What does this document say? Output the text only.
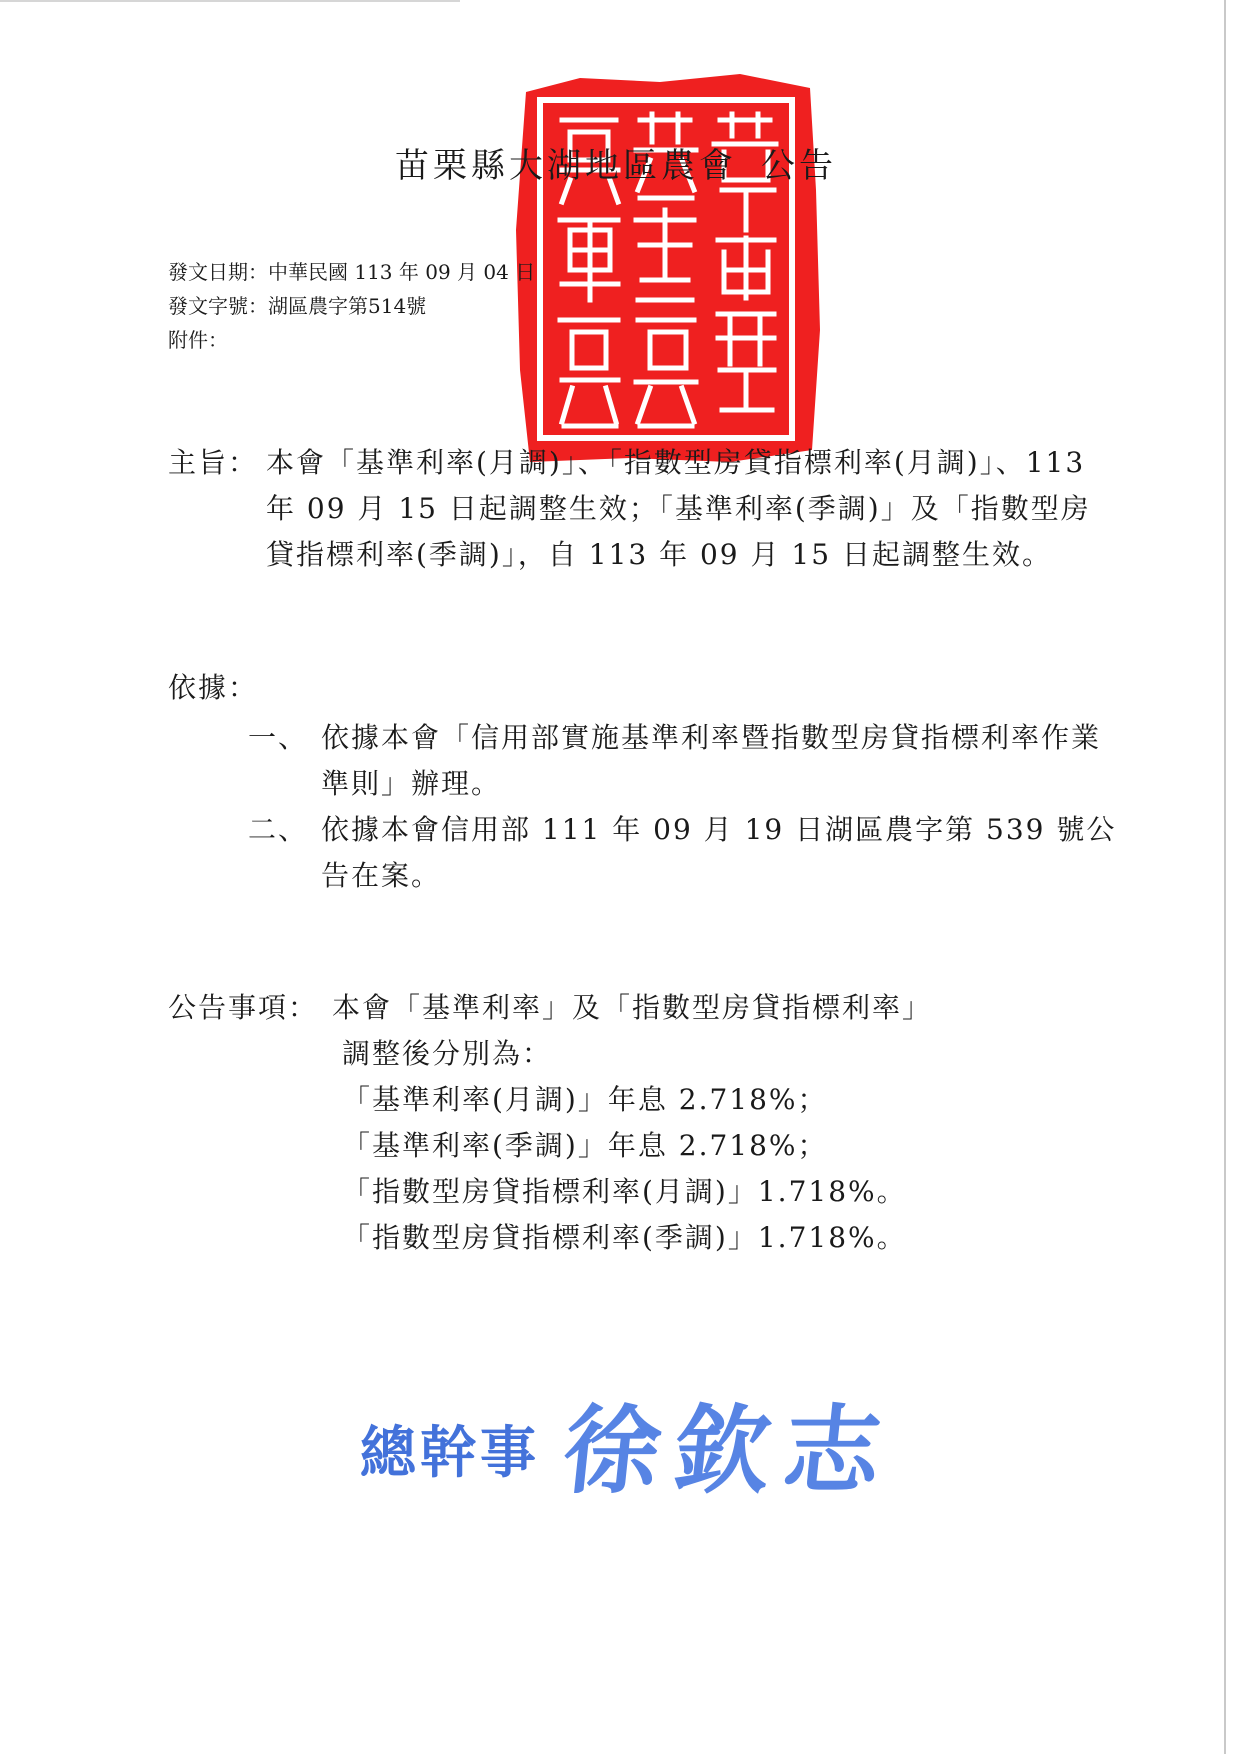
苗栗縣大湖地區農會 公告
發文日期：中華民國 113 年 09 月 04 日
發文字號：湖區農字第514號
附件：
主旨： 本會「基準利率(月調)」、「指數型房貸指標利率(月調)」、113 年 09 月 15 日起調整生效；「基準利率(季調)」及「指數型房貸指標利率(季調)」，自 113 年 09 月 15 日起調整生效。
依據：
一、 依據本會「信用部實施基準利率暨指數型房貸指標利率作業準則」辦理。
二、 依據本會信用部 111 年 09 月 19 日湖區農字第 539 號公告在案。
公告事項： 本會「基準利率」及「指數型房貸指標利率」
調整後分別為：
「基準利率(月調)」年息 2.718%；
「基準利率(季調)」年息 2.718%；
「指數型房貸指標利率(月調)」1.718%。
「指數型房貸指標利率(季調)」1.718%。
總幹事 徐欽志
